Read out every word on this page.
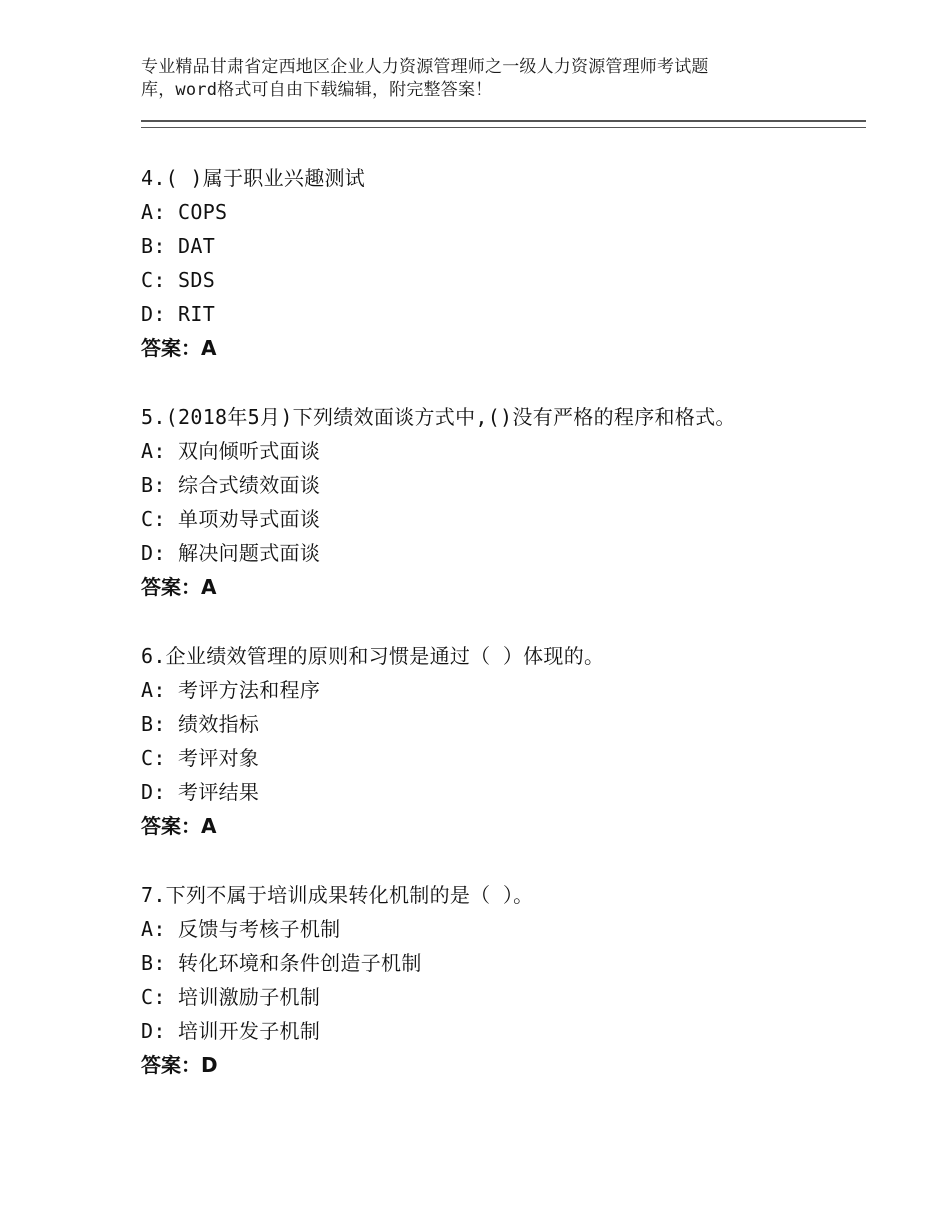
专业精品甘肃省定西地区企业人力资源管理师之一级人力资源管理师考试题
库，word格式可自由下载编辑，附完整答案！
4.( )属于职业兴趣测试
A: COPS
B: DAT
C: SDS
D: RIT
答案：A
5.(2018年5月)下列绩效面谈方式中,()没有严格的程序和格式。
A: 双向倾听式面谈
B: 综合式绩效面谈
C: 单项劝导式面谈
D: 解决问题式面谈
答案：A
6.企业绩效管理的原则和习惯是通过（ ）体现的。
A: 考评方法和程序
B: 绩效指标
C: 考评对象
D: 考评结果
答案：A
7.下列不属于培训成果转化机制的是（ ）。
A: 反馈与考核子机制
B: 转化环境和条件创造子机制
C: 培训激励子机制
D: 培训开发子机制
答案：D
